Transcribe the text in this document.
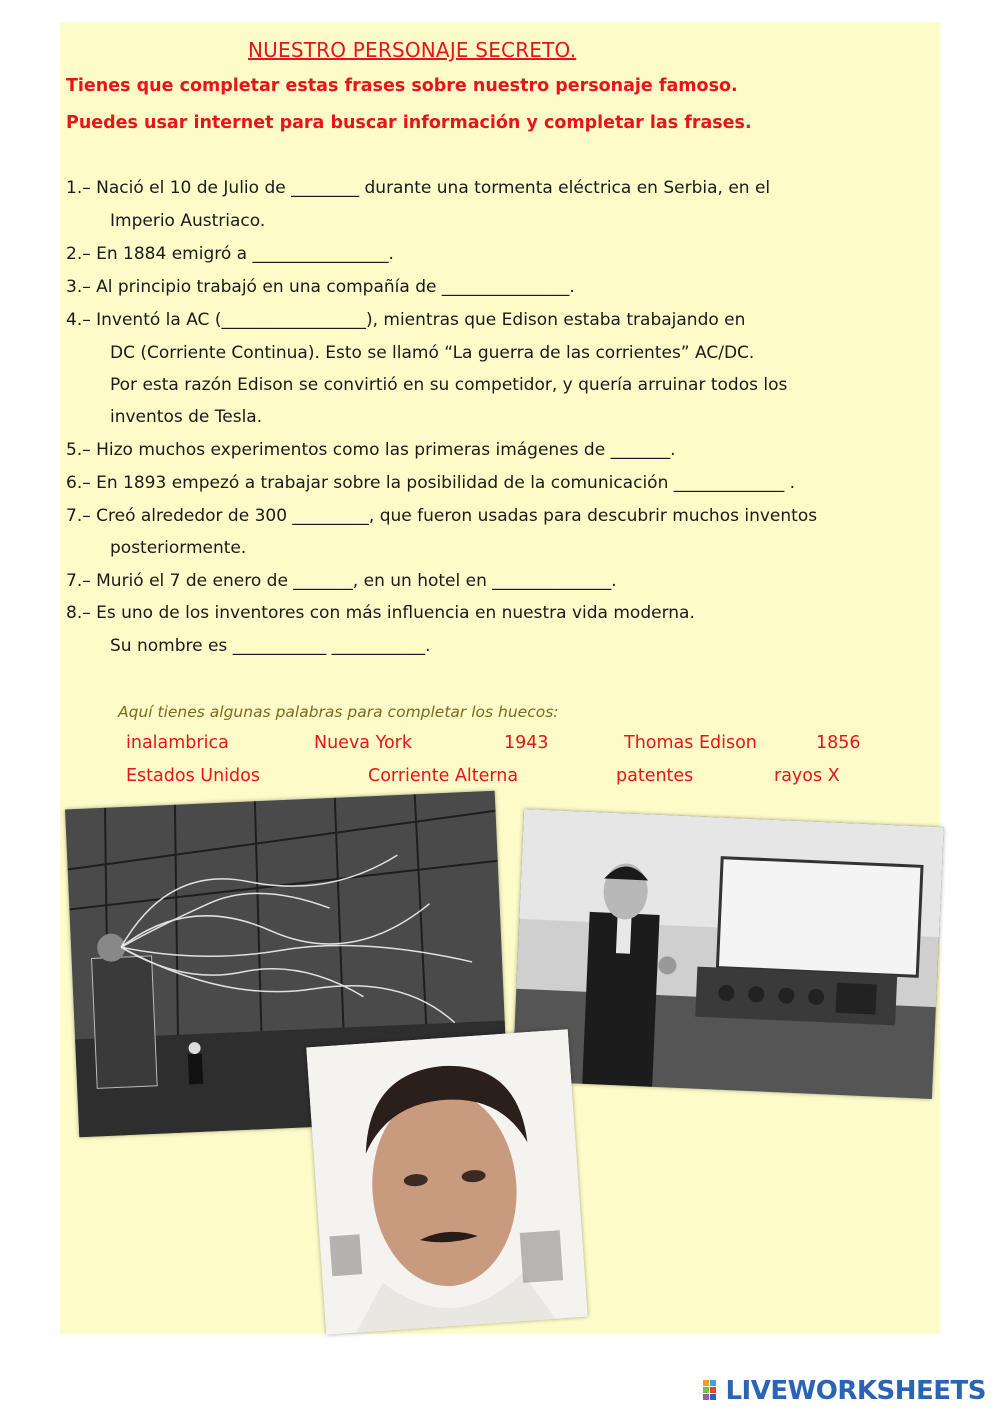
NUESTRO PERSONAJE SECRETO.
Tienes que completar estas frases sobre nuestro personaje famoso.
Puedes usar internet para buscar información y completar las frases.
1.– Nació el 10 de Julio de ________ durante una tormenta eléctrica en Serbia, en el
Imperio Austriaco.
2.– En 1884 emigró a ________________.
3.– Al principio trabajó en una compañía de _______________.
4.– Inventó la AC (_________________), mientras que Edison estaba trabajando en
DC (Corriente Continua). Esto se llamó “La guerra de las corrientes” AC/DC.
Por esta razón Edison se convirtió en su competidor, y quería arruinar todos los
inventos de Tesla.
5.– Hizo muchos experimentos como las primeras imágenes de _______.
6.– En 1893 empezó a trabajar sobre la posibilidad de la comunicación _____________ .
7.– Creó alrededor de 300 _________, que fueron usadas para descubrir muchos inventos
posteriormente.
7.– Murió el 7 de enero de _______, en un hotel en ______________.
8.– Es uno de los inventores con más influencia en nuestra vida moderna.
Su nombre es ___________ ___________.
Aquí tienes algunas palabras para completar los huecos:
inalambrica	Nueva York	1943	Thomas Edison	1856
Estados Unidos	Corriente Alterna	patentes	rayos X
LIVEWORKSHEETS
